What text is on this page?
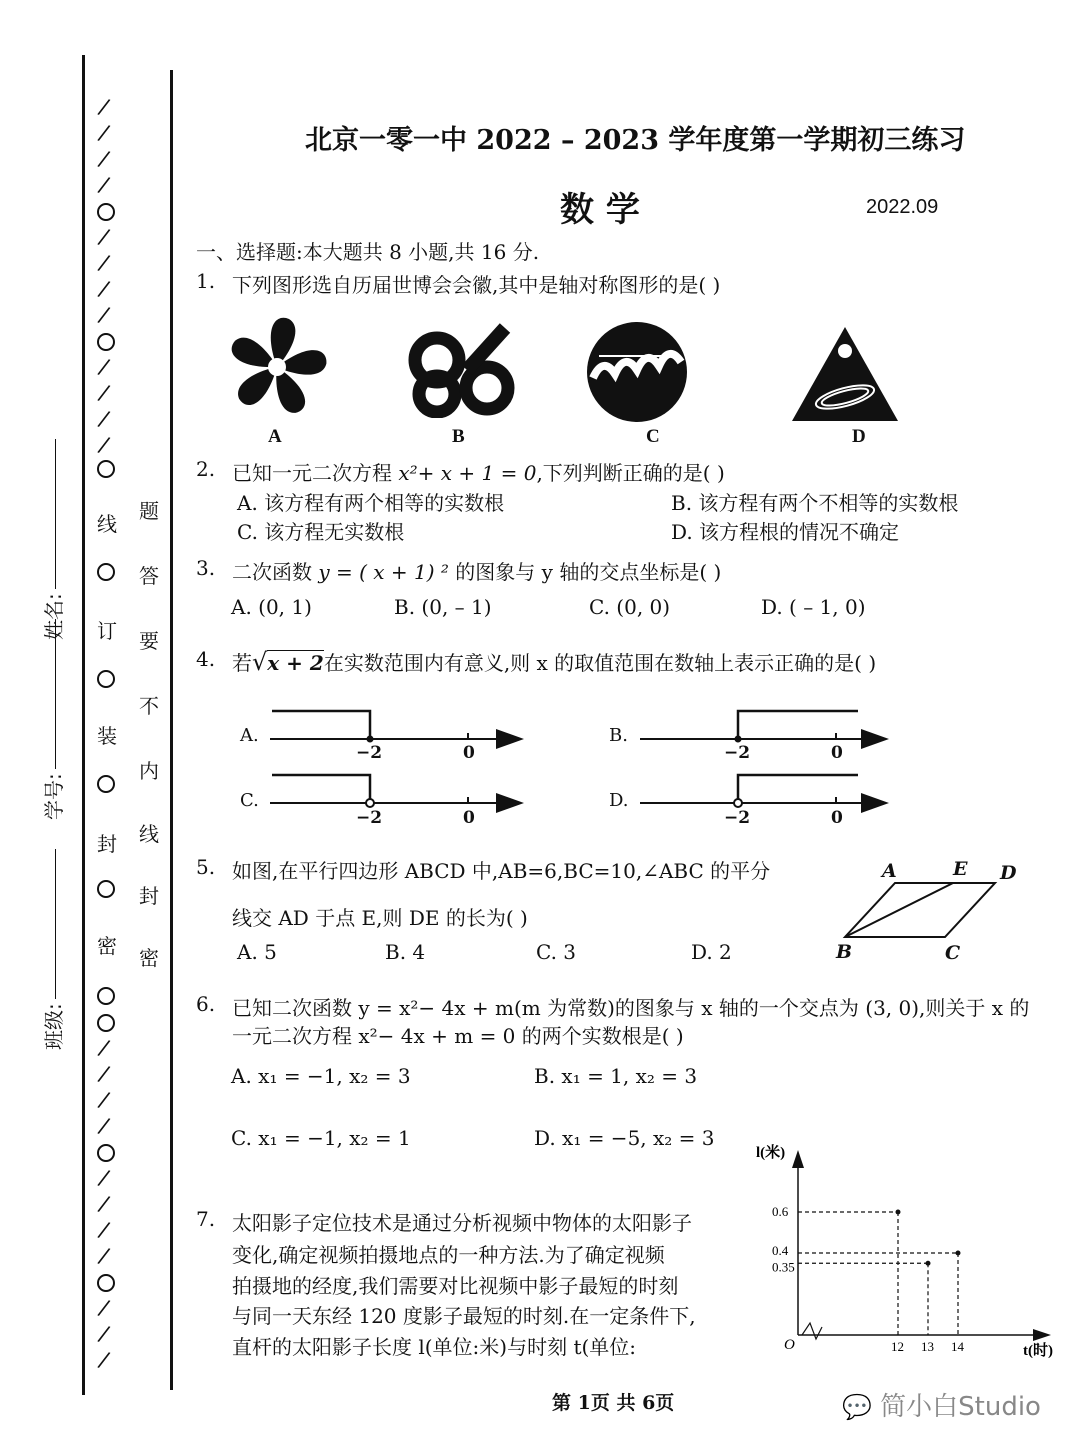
班级:
学号:
姓名:
/
/
/
/
/
/
/
/
/
/
/
/
/
/
/
/
/
/
/
/
/
/
/
线
订
装
封
密
题
答
要
不
内
线
封
密
北京一零一中 2022 – 2023 学年度第一学期初三练习
数 学	2022.09
一、选择题:本大题共 8 小题,共 16 分.
1. 下列图形选自历届世博会会徽,其中是轴对称图形的是( )
A	B	C	D
2. 已知一元二次方程 x²+ x + 1 = 0,下列判断正确的是( )
A. 该方程有两个相等的实数根	B. 该方程有两个不相等的实数根
C. 该方程无实数根	D. 该方程根的情况不确定
3. 二次函数 y = ( x + 1) ² 的图象与 y 轴的交点坐标是( )
A. (0, 1)	B. (0, – 1)	C. (0, 0)	D. ( – 1, 0)
4. 若√x + 2在实数范围内有意义,则 x 的取值范围在数轴上表示正确的是( )
A.	B.
C.	D.
−2	0	−2	0
−2	0	−2	0
5. 如图,在平行四边形 ABCD 中,AB=6,BC=10,∠ABC 的平分
线交 AD 于点 E,则 DE 的长为( )
A. 5	B. 4	C. 3	D. 2
A	E D
B	C
6. 已知二次函数 y = x²− 4x + m(m 为常数)的图象与 x 轴的一个交点为 (3, 0),则关于 x 的
一元二次方程 x²− 4x + m = 0 的两个实数根是( )
A. x₁ = −1, x₂ = 3	B. x₁ = 1, x₂ = 3
C. x₁ = −1, x₂ = 1	D. x₁ = −5, x₂ = 3
7. 太阳影子定位技术是通过分析视频中物体的太阳影子
变化,确定视频拍摄地点的一种方法.为了确定视频
拍摄地的经度,我们需要对比视频中影子最短的时刻
与同一天东经 120 度影子最短的时刻.在一定条件下,
直杆的太阳影子长度 l(单位:米)与时刻 t(单位:	12 13 14
0.6
0.4
0.35
l(米)
t(时)
O
第 1页 共 6页	💬 简小白Studio
